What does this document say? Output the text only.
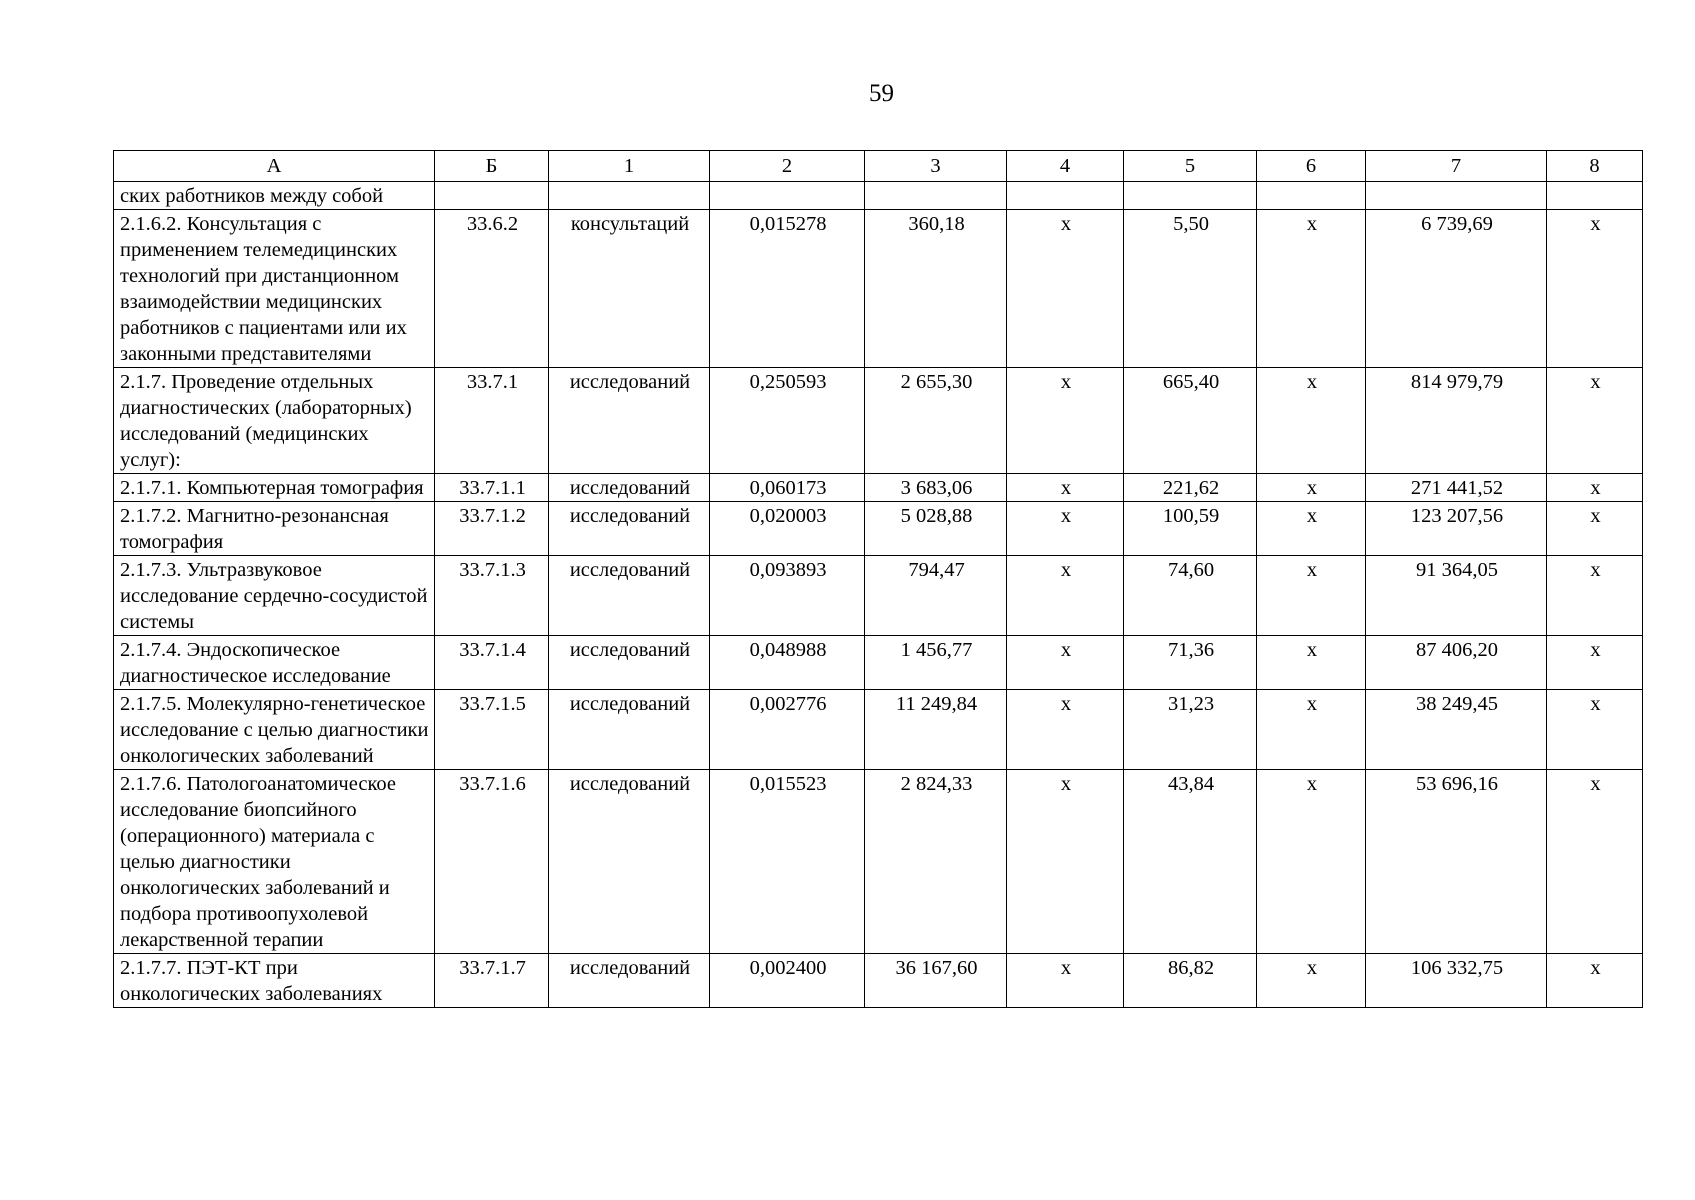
59
А	Б	1	2	3	4	5	6	7	8
ских работников между собой									
2.1.6.2. Консультация с применением телемедицинских технологий при дистанционном взаимодействии медицинских работников с пациентами или их законными представителями	33.6.2	консультаций	0,015278	360,18	х	5,50	х	6 739,69	х
2.1.7. Проведение отдельных диагностических (лабораторных) исследований (медицинских услуг):	33.7.1	исследований	0,250593	2 655,30	х	665,40	х	814 979,79	х
2.1.7.1. Компьютерная томография	33.7.1.1	исследований	0,060173	3 683,06	х	221,62	х	271 441,52	х
2.1.7.2. Магнитно-резонансная томография	33.7.1.2	исследований	0,020003	5 028,88	х	100,59	х	123 207,56	х
2.1.7.3. Ультразвуковое исследование сердечно-сосудистой системы	33.7.1.3	исследований	0,093893	794,47	х	74,60	х	91 364,05	х
2.1.7.4. Эндоскопическое диагностическое исследование	33.7.1.4	исследований	0,048988	1 456,77	х	71,36	х	87 406,20	х
2.1.7.5. Молекулярно-генетическое исследование с целью диагностики онкологических заболеваний	33.7.1.5	исследований	0,002776	11 249,84	х	31,23	х	38 249,45	х
2.1.7.6. Патологоанатомическое исследование биопсийного (операционного) материала с целью диагностики онкологических заболеваний и подбора противоопухолевой лекарственной терапии	33.7.1.6	исследований	0,015523	2 824,33	х	43,84	х	53 696,16	х
2.1.7.7. ПЭТ-КТ при онкологических заболеваниях	33.7.1.7	исследований	0,002400	36 167,60	х	86,82	х	106 332,75	х
